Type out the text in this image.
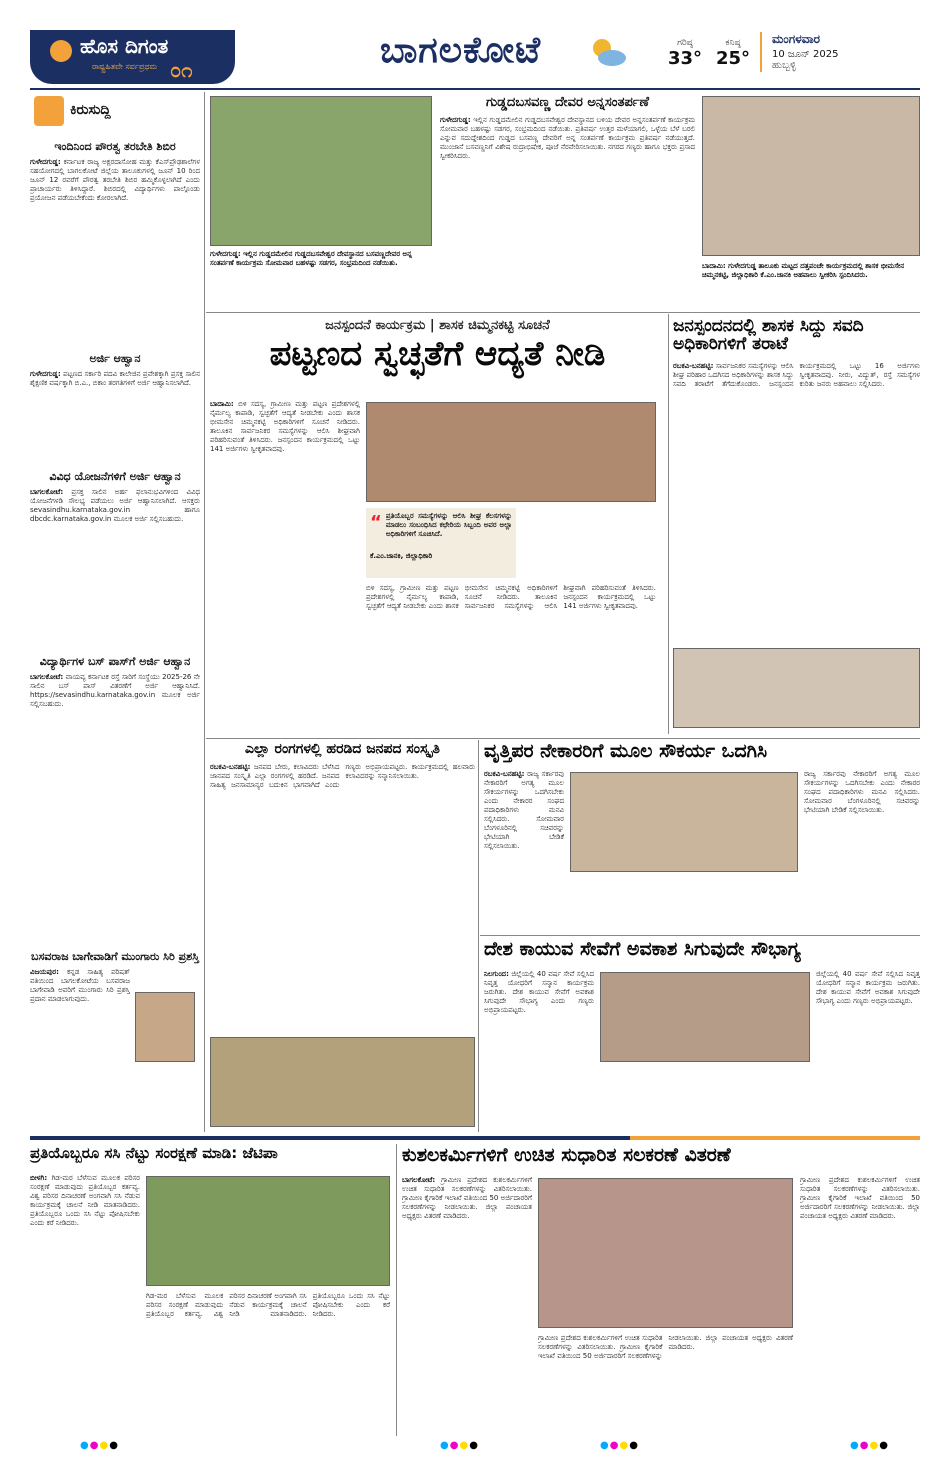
ಹೊಸ ದಿಗಂತ
ರಾಷ್ಟ್ರಹಿತವೇ ಸರ್ವಪ್ರಥಮ ೦೧	ಬಾಗಲಕೋಟೆ	ಗರಿಷ್ಠ
33°
ಕನಿಷ್ಠ
25°
ಮಂಗಳವಾರ
10 ಜೂನ್ 2025
ಹುಬ್ಬಳ್ಳಿ
ಕಿರುಸುದ್ದಿ
ಇಂದಿನಿಂದ ಪೌರತ್ವ ತರಬೇತಿ ಶಿಬಿರ
ಗುಳೇದಗುಡ್ಡ: ಕರ್ನಾಟಕ ರಾಜ್ಯ ಅಕ್ಷರದಾಸೋಹ ಮತ್ತು ಕೆಎಸ್‌ಪ್ರೌಢಶಾಲೆಗಳ ಸಹಯೋಗದಲ್ಲಿ ಬಾಗಲಕೋಟೆ ಜಿಲ್ಲೆಯ ತಾಲೂಕುಗಳಲ್ಲಿ ಜೂನ್ 10 ರಿಂದ ಜೂನ್ 12 ರವರೆಗೆ ಪೌರತ್ವ ತರಬೇತಿ ಶಿಬಿರ ಹಮ್ಮಿಕೊಳ್ಳಲಾಗಿದೆ ಎಂದು ಪ್ರಾಚಾರ್ಯರು ತಿಳಿಸಿದ್ದಾರೆ. ಶಿಬಿರದಲ್ಲಿ ವಿದ್ಯಾರ್ಥಿಗಳು ಪಾಲ್ಗೊಂಡು ಪ್ರಯೋಜನ ಪಡೆಯಬೇಕೆಂದು ಕೋರಲಾಗಿದೆ.
ಅರ್ಜಿ ಆಹ್ವಾನ
ಗುಳೇದಗುಡ್ಡ: ಪಟ್ಟಣದ ಸರ್ಕಾರಿ ಪದವಿ ಕಾಲೇಜಿನ ಪ್ರವೇಶಕ್ಕಾಗಿ ಪ್ರಸಕ್ತ ಸಾಲಿನ ಶೈಕ್ಷಣಿಕ ವರ್ಷಕ್ಕಾಗಿ ಬಿ.ಎ., ಬಿಕಾಂ ತರಗತಿಗಳಿಗೆ ಅರ್ಜಿ ಆಹ್ವಾನಿಸಲಾಗಿದೆ.
ವಿವಿಧ ಯೋಜನೆಗಳಿಗೆ ಅರ್ಜಿ ಆಹ್ವಾನ
ಬಾಗಲಕೋಟೆ: ಪ್ರಸಕ್ತ ಸಾಲಿನ ಅರ್ಹ ಫಲಾನುಭವಿಗಳಿಂದ ವಿವಿಧ ಯೋಜನೆಗಳಡಿ ಸೌಲಭ್ಯ ಪಡೆಯಲು ಅರ್ಜಿ ಆಹ್ವಾನಿಸಲಾಗಿದೆ. ಆಸಕ್ತರು sevasindhu.karnataka.gov.in ಹಾಗೂ dbcdc.karnataka.gov.in ಮೂಲಕ ಅರ್ಜಿ ಸಲ್ಲಿಸಬಹುದು.
ವಿದ್ಯಾರ್ಥಿಗಳ ಬಸ್ ಪಾಸ್‌ಗೆ ಅರ್ಜಿ ಆಹ್ವಾನ
ಬಾಗಲಕೋಟೆ: ವಾಯವ್ಯ ಕರ್ನಾಟಕ ರಸ್ತೆ ಸಾರಿಗೆ ಸಂಸ್ಥೆಯು 2025-26 ನೇ ಸಾಲಿನ ಬಸ್ ಪಾಸ್ ವಿತರಣೆಗೆ ಅರ್ಜಿ ಆಹ್ವಾನಿಸಿದೆ. https://sevasindhu.karnataka.gov.in ಮೂಲಕ ಅರ್ಜಿ ಸಲ್ಲಿಸಬಹುದು.
ಬಸವರಾಜ ಬಾಗೇವಾಡಿಗೆ ಮುಂಗಾರು ಸಿರಿ ಪ್ರಶಸ್ತಿ
ವಿಜಯಪುರ: ಕನ್ನಡ ಸಾಹಿತ್ಯ ಪರಿಷತ್ ವತಿಯಿಂದ ಬಾಗಲಕೋಟೆಯ ಬಸವರಾಜ ಬಾಗೇವಾಡಿ ಅವರಿಗೆ ಮುಂಗಾರು ಸಿರಿ ಪ್ರಶಸ್ತಿ ಪ್ರದಾನ ಮಾಡಲಾಗುವುದು.
ಗುಳೇದಗುಡ್ಡ: ಇಲ್ಲಿನ ಗುಡ್ಡದಮೇಲಿನ ಗುಡ್ಡದಬಸವೇಶ್ವರ ದೇವಸ್ಥಾನದ ಬಸವಣ್ಣದೇವರ ಅನ್ನ ಸಂತರ್ಪಣೆ ಕಾರ್ಯಕ್ರಮ ಸೋಮವಾರ ಬಹಳಷ್ಟು ಸಡಗರ, ಸಂಭ್ರಮದಿಂದ ನಡೆಯಿತು.
ಗುಡ್ಡದಬಸವಣ್ಣ ದೇವರ ಅನ್ನಸಂತರ್ಪಣೆ
ಗುಳೇದಗುಡ್ಡ: ಇಲ್ಲಿನ ಗುಡ್ಡದಮೇಲಿನ ಗುಡ್ಡದಬಸವೇಶ್ವರ ದೇವಸ್ಥಾನದ ಬಳಿಯ ದೇವರ ಅನ್ನಸಂತರ್ಪಣೆ ಕಾರ್ಯಕ್ರಮ ಸೋಮವಾರ ಬಹಳಷ್ಟು ಸಡಗರ, ಸಂಭ್ರಮದಿಂದ ನಡೆಯಿತು. ಪ್ರತಿವರ್ಷ ಉತ್ತರ ಮಳೆಯಾಗಲಿ, ಒಳ್ಳೆಯ ಬೆಳೆ ಬರಲಿ ಎನ್ನುವ ಸದುದ್ದೇಶದಿಂದ ಗುಡ್ಡದ ಬಸವಣ್ಣ ದೇವರಿಗೆ ಅನ್ನ ಸಂತರ್ಪಣೆ ಕಾರ್ಯಕ್ರಮ ಪ್ರತಿವರ್ಷ ನಡೆಯುತ್ತದೆ. ಮುಂಜಾನೆ ಬಸವಣ್ಣನಿಗೆ ವಿಶೇಷ ರುದ್ರಾಭಿಷೇಕ, ಪೂಜೆ ನೆರವೇರಿಸಲಾಯಿತು. ನಗರದ ಗಣ್ಯರು ಹಾಗೂ ಭಕ್ತರು ಪ್ರಸಾದ ಸ್ವೀಕರಿಸಿದರು.
ಬಾದಾಮಿ: ಗುಳೇದಗುಡ್ಡ ತಾಲೂಕು ಮಟ್ಟದ ದತ್ತಪಂಚೇ ಕಾರ್ಯಕ್ರಮದಲ್ಲಿ ಶಾಸಕ ಭೀಮಸೇನ ಚಿಮ್ಮನಕಟ್ಟಿ, ಜಿಲ್ಲಾಧಿಕಾರಿ ಕೆ.ಎಂ.ಜಾನಕಿ ಅಹವಾಲು ಸ್ವೀಕರಿಸಿ ಸ್ಪಂದಿಸಿದರು.
ಜನಸ್ಪಂದನೆ ಕಾರ್ಯಕ್ರಮ | ಶಾಸಕ ಚಿಮ್ಮನಕಟ್ಟಿ ಸೂಚನೆ
ಪಟ್ಟಣದ ಸ್ವಚ್ಛತೆಗೆ ಆದ್ಯತೆ ನೀಡಿ
ಬಾದಾಮಿ: ಬಿಳಿ ಸದಸ್ಯ, ಗ್ರಾಮೀಣ ಮತ್ತು ಪಟ್ಟಣ ಪ್ರದೇಶಗಳಲ್ಲಿ ನೈರ್ಮಲ್ಯ ಕಾಪಾಡಿ, ಸ್ವಚ್ಛತೆಗೆ ಆದ್ಯತೆ ನೀಡಬೇಕು ಎಂದು ಶಾಸಕ ಭೀಮಸೇನ ಚಿಮ್ಮನಕಟ್ಟಿ ಅಧಿಕಾರಿಗಳಿಗೆ ಸೂಚನೆ ನೀಡಿದರು. ತಾಲೂಕಿನ ಸಾರ್ವಜನಿಕರ ಸಮಸ್ಯೆಗಳನ್ನು ಆಲಿಸಿ ಶೀಘ್ರವಾಗಿ ಪರಿಹರಿಸುವಂತೆ ತಿಳಿಸಿದರು. ಜನಸ್ಪಂದನ ಕಾರ್ಯಕ್ರಮದಲ್ಲಿ ಒಟ್ಟು 141 ಅರ್ಜಿಗಳು ಸ್ವೀಕೃತವಾದವು.
“ ಪ್ರತಿಯೊಬ್ಬರ ಸಮಸ್ಯೆಗಳನ್ನು ಆಲಿಸಿ ಶೀಘ್ರ ಕೆಲಸಗಳನ್ನು ಮಾಡಲು ಸಂಬಂಧಿಸಿದ ಕಛೇರಿಯ ಸಿಬ್ಬಂದಿ ಅವರ ಅಲ್ಲಾ ಅಧಿಕಾರಿಗಳಿಗೆ ಸೂಚಿಸಿದೆ.
ಕೆ.ಎಂ.ಜಾನಕಿ, ಜಿಲ್ಲಾಧಿಕಾರಿ
ಬಿಳಿ ಸದಸ್ಯ, ಗ್ರಾಮೀಣ ಮತ್ತು ಪಟ್ಟಣ ಪ್ರದೇಶಗಳಲ್ಲಿ ನೈರ್ಮಲ್ಯ ಕಾಪಾಡಿ, ಸ್ವಚ್ಛತೆಗೆ ಆದ್ಯತೆ ನೀಡಬೇಕು ಎಂದು ಶಾಸಕ ಭೀಮಸೇನ ಚಿಮ್ಮನಕಟ್ಟಿ ಅಧಿಕಾರಿಗಳಿಗೆ ಸೂಚನೆ ನೀಡಿದರು. ತಾಲೂಕಿನ ಸಾರ್ವಜನಿಕರ ಸಮಸ್ಯೆಗಳನ್ನು ಆಲಿಸಿ ಶೀಘ್ರವಾಗಿ ಪರಿಹರಿಸುವಂತೆ ತಿಳಿಸಿದರು. ಜನಸ್ಪಂದನ ಕಾರ್ಯಕ್ರಮದಲ್ಲಿ ಒಟ್ಟು 141 ಅರ್ಜಿಗಳು ಸ್ವೀಕೃತವಾದವು.
ಜನಸ್ಪಂದನದಲ್ಲಿ ಶಾಸಕ ಸಿದ್ದು ಸವದಿ ಅಧಿಕಾರಿಗಳಿಗೆ ತರಾಟೆ
ರಬಕವಿ-ಬನಹಟ್ಟಿ: ಸಾರ್ವಜನಿಕರ ಸಮಸ್ಯೆಗಳನ್ನು ಆಲಿಸಿ ಶೀಘ್ರ ಪರಿಹಾರ ಒದಗಿಸದ ಅಧಿಕಾರಿಗಳನ್ನು ಶಾಸಕ ಸಿದ್ದು ಸವದಿ ತರಾಟೆಗೆ ತೆಗೆದುಕೊಂಡರು. ಜನಸ್ಪಂದನ ಕಾರ್ಯಕ್ರಮದಲ್ಲಿ ಒಟ್ಟು 16 ಅರ್ಜಿಗಳು ಸ್ವೀಕೃತವಾದವು. ನೀರು, ವಿದ್ಯುತ್, ರಸ್ತೆ ಸಮಸ್ಯೆಗಳ ಕುರಿತು ಜನರು ಅಹವಾಲು ಸಲ್ಲಿಸಿದರು.
ಎಲ್ಲಾ ರಂಗಗಳಲ್ಲಿ ಹರಡಿದ ಜನಪದ ಸಂಸ್ಕೃತಿ
ರಬಕವಿ-ಬನಹಟ್ಟಿ: ಜನಪದ ಬೇರು, ಕಲಾವಿದರು ಬೆಳೆಸಿದ ಜಾನಪದ ಸಂಸ್ಕೃತಿ ಎಲ್ಲಾ ರಂಗಗಳಲ್ಲಿ ಹರಡಿದೆ. ಜನಪದ ಸಾಹಿತ್ಯ ಜನಸಾಮಾನ್ಯರ ಬದುಕಿನ ಭಾಗವಾಗಿದೆ ಎಂದು ಗಣ್ಯರು ಅಭಿಪ್ರಾಯಪಟ್ಟರು. ಕಾರ್ಯಕ್ರಮದಲ್ಲಿ ಹಲವಾರು ಕಲಾವಿದರನ್ನು ಸನ್ಮಾನಿಸಲಾಯಿತು.
ವೃತ್ತಿಪರ ನೇಕಾರರಿಗೆ ಮೂಲ ಸೌಕರ್ಯ ಒದಗಿಸಿ
ರಬಕವಿ-ಬನಹಟ್ಟಿ: ರಾಜ್ಯ ಸರ್ಕಾರವು ನೇಕಾರರಿಗೆ ಅಗತ್ಯ ಮೂಲ ಸೌಕರ್ಯಗಳನ್ನು ಒದಗಿಸಬೇಕು ಎಂದು ನೇಕಾರರ ಸಂಘದ ಪದಾಧಿಕಾರಿಗಳು ಮನವಿ ಸಲ್ಲಿಸಿದರು. ಸೋಮವಾರ ಬೆಂಗಳೂರಿನಲ್ಲಿ ಸಚಿವರನ್ನು ಭೇಟಿಯಾಗಿ ಬೇಡಿಕೆ ಸಲ್ಲಿಸಲಾಯಿತು.
ರಾಜ್ಯ ಸರ್ಕಾರವು ನೇಕಾರರಿಗೆ ಅಗತ್ಯ ಮೂಲ ಸೌಕರ್ಯಗಳನ್ನು ಒದಗಿಸಬೇಕು ಎಂದು ನೇಕಾರರ ಸಂಘದ ಪದಾಧಿಕಾರಿಗಳು ಮನವಿ ಸಲ್ಲಿಸಿದರು. ಸೋಮವಾರ ಬೆಂಗಳೂರಿನಲ್ಲಿ ಸಚಿವರನ್ನು ಭೇಟಿಯಾಗಿ ಬೇಡಿಕೆ ಸಲ್ಲಿಸಲಾಯಿತು.
ದೇಶ ಕಾಯುವ ಸೇವೆಗೆ ಅವಕಾಶ ಸಿಗುವುದೇ ಸೌಭಾಗ್ಯ
ನಿಲಗುಂದ: ಜಿಲ್ಲೆಯಲ್ಲಿ 40 ವರ್ಷ ಸೇವೆ ಸಲ್ಲಿಸಿದ ನಿವೃತ್ತ ಯೋಧರಿಗೆ ಸನ್ಮಾನ ಕಾರ್ಯಕ್ರಮ ಜರುಗಿತು. ದೇಶ ಕಾಯುವ ಸೇವೆಗೆ ಅವಕಾಶ ಸಿಗುವುದೇ ಸೌಭಾಗ್ಯ ಎಂದು ಗಣ್ಯರು ಅಭಿಪ್ರಾಯಪಟ್ಟರು.
ಜಿಲ್ಲೆಯಲ್ಲಿ 40 ವರ್ಷ ಸೇವೆ ಸಲ್ಲಿಸಿದ ನಿವೃತ್ತ ಯೋಧರಿಗೆ ಸನ್ಮಾನ ಕಾರ್ಯಕ್ರಮ ಜರುಗಿತು. ದೇಶ ಕಾಯುವ ಸೇವೆಗೆ ಅವಕಾಶ ಸಿಗುವುದೇ ಸೌಭಾಗ್ಯ ಎಂದು ಗಣ್ಯರು ಅಭಿಪ್ರಾಯಪಟ್ಟರು.
ಪ್ರತಿಯೊಬ್ಬರೂ ಸಸಿ ನೆಟ್ಟು ಸಂರಕ್ಷಣೆ ಮಾಡಿ: ಜೆಟಿಪಾ
ಬೀಳಗಿ: ಗಿಡ-ಮರ ಬೆಳೆಸುವ ಮೂಲಕ ಪರಿಸರ ಸಂರಕ್ಷಣೆ ಮಾಡುವುದು ಪ್ರತಿಯೊಬ್ಬರ ಕರ್ತವ್ಯ. ವಿಶ್ವ ಪರಿಸರ ದಿನಾಚರಣೆ ಅಂಗವಾಗಿ ಸಸಿ ನೆಡುವ ಕಾರ್ಯಕ್ರಮಕ್ಕೆ ಚಾಲನೆ ನೀಡಿ ಮಾತನಾಡಿದರು. ಪ್ರತಿಯೊಬ್ಬರೂ ಒಂದು ಸಸಿ ನೆಟ್ಟು ಪೋಷಿಸಬೇಕು ಎಂದು ಕರೆ ನೀಡಿದರು.
ಗಿಡ-ಮರ ಬೆಳೆಸುವ ಮೂಲಕ ಪರಿಸರ ಸಂರಕ್ಷಣೆ ಮಾಡುವುದು ಪ್ರತಿಯೊಬ್ಬರ ಕರ್ತವ್ಯ. ವಿಶ್ವ ಪರಿಸರ ದಿನಾಚರಣೆ ಅಂಗವಾಗಿ ಸಸಿ ನೆಡುವ ಕಾರ್ಯಕ್ರಮಕ್ಕೆ ಚಾಲನೆ ನೀಡಿ ಮಾತನಾಡಿದರು. ಪ್ರತಿಯೊಬ್ಬರೂ ಒಂದು ಸಸಿ ನೆಟ್ಟು ಪೋಷಿಸಬೇಕು ಎಂದು ಕರೆ ನೀಡಿದರು.
ಕುಶಲಕರ್ಮಿಗಳಿಗೆ ಉಚಿತ ಸುಧಾರಿತ ಸಲಕರಣೆ ವಿತರಣೆ
ಬಾಗಲಕೋಟೆ: ಗ್ರಾಮೀಣ ಪ್ರದೇಶದ ಕುಶಲಕರ್ಮಿಗಳಿಗೆ ಉಚಿತ ಸುಧಾರಿತ ಸಲಕರಣೆಗಳನ್ನು ವಿತರಿಸಲಾಯಿತು. ಗ್ರಾಮೀಣ ಕೈಗಾರಿಕೆ ಇಲಾಖೆ ವತಿಯಿಂದ 50 ಅರ್ಜಿದಾರರಿಗೆ ಸಲಕರಣೆಗಳನ್ನು ನೀಡಲಾಯಿತು. ಜಿಲ್ಲಾ ಪಂಚಾಯತ ಅಧ್ಯಕ್ಷರು ವಿತರಣೆ ಮಾಡಿದರು.
ಗ್ರಾಮೀಣ ಪ್ರದೇಶದ ಕುಶಲಕರ್ಮಿಗಳಿಗೆ ಉಚಿತ ಸುಧಾರಿತ ಸಲಕರಣೆಗಳನ್ನು ವಿತರಿಸಲಾಯಿತು. ಗ್ರಾಮೀಣ ಕೈಗಾರಿಕೆ ಇಲಾಖೆ ವತಿಯಿಂದ 50 ಅರ್ಜಿದಾರರಿಗೆ ಸಲಕರಣೆಗಳನ್ನು ನೀಡಲಾಯಿತು. ಜಿಲ್ಲಾ ಪಂಚಾಯತ ಅಧ್ಯಕ್ಷರು ವಿತರಣೆ ಮಾಡಿದರು.
ಗ್ರಾಮೀಣ ಪ್ರದೇಶದ ಕುಶಲಕರ್ಮಿಗಳಿಗೆ ಉಚಿತ ಸುಧಾರಿತ ಸಲಕರಣೆಗಳನ್ನು ವಿತರಿಸಲಾಯಿತು. ಗ್ರಾಮೀಣ ಕೈಗಾರಿಕೆ ಇಲಾಖೆ ವತಿಯಿಂದ 50 ಅರ್ಜಿದಾರರಿಗೆ ಸಲಕರಣೆಗಳನ್ನು ನೀಡಲಾಯಿತು. ಜಿಲ್ಲಾ ಪಂಚಾಯತ ಅಧ್ಯಕ್ಷರು ವಿತರಣೆ ಮಾಡಿದರು.
●●●●	●●●●	●●●●	●●●●
